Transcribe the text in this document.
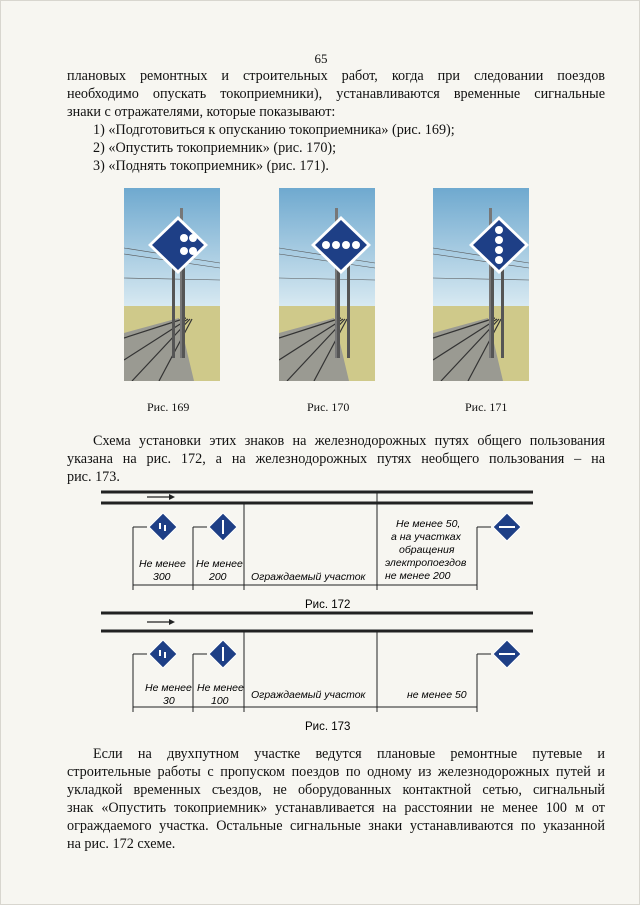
65
плановых ремонтных и строительных работ, когда при следовании поездов
необходимо опускать токоприемники), устанавливаются временные сигнальные
знаки с отражателями, которые показывают:
1) «Подготовиться к опусканию токоприемника» (рис. 169);
2) «Опустить токоприемник» (рис. 170);
3) «Поднять токоприемник» (рис. 171).
Рис. 169	Рис. 170	Рис. 171
Схема установки этих знаков на железнодорожных путях общего пользования
указана на рис. 172, а на железнодорожных путях необщего пользования – на
рис. 173.
Не менее
300
Не менее
200 Ограждаемый участок
Не менее 50,
а на участках
обращения
электропоездов
не менее 200
Рис. 172
Не менее
30
Не менее
100 Ограждаемый участок	не менее 50
Рис. 173
Если на двухпутном участке ведутся плановые ремонтные путевые и
строительные работы с пропуском поездов по одному из железнодорожных путей и
укладкой временных съездов, не оборудованных контактной сетью, сигнальный
знак «Опустить токоприемник» устанавливается на расстоянии не менее 100 м от
ограждаемого участка. Остальные сигнальные знаки устанавливаются по указанной
на рис. 172 схеме.
